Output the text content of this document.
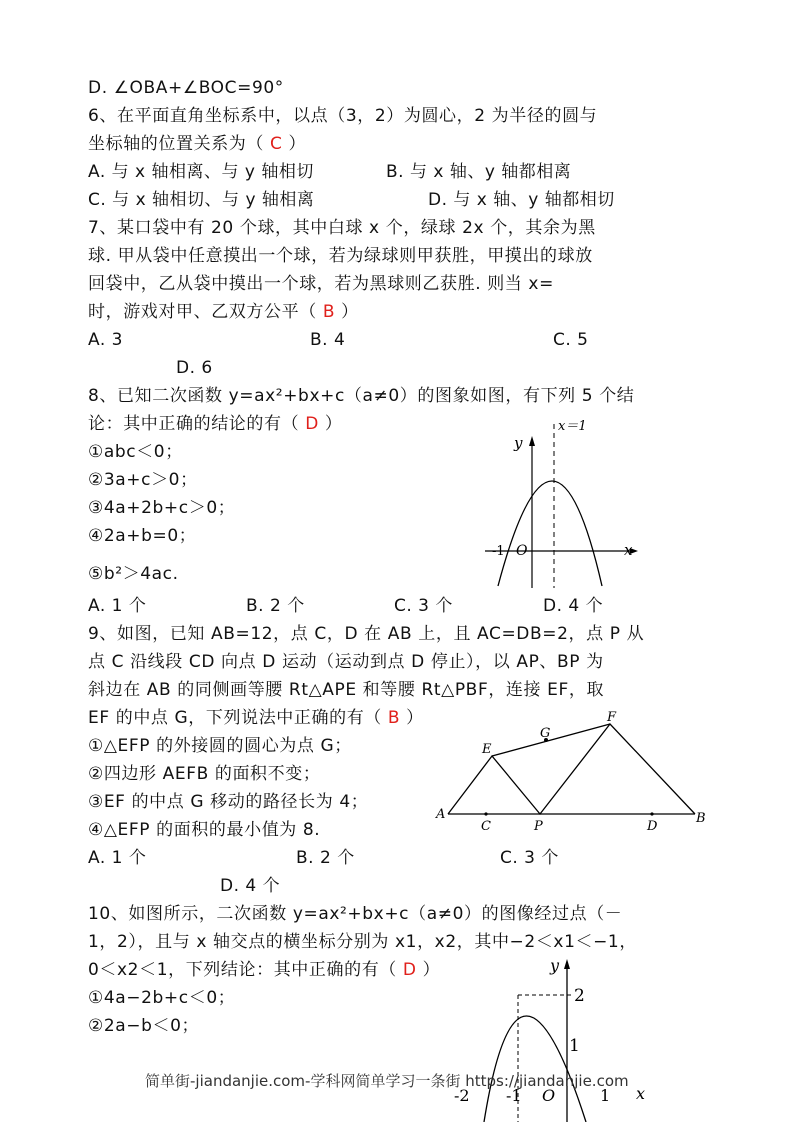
D. ∠OBA+∠BOC=90°
6、在平面直角坐标系中，以点（3，2）为圆心，2 为半径的圆与
坐标轴的位置关系为（ C ）
A. 与 x 轴相离、与 y 轴相切	B. 与 x 轴、y 轴都相离
C. 与 x 轴相切、与 y 轴相离	D. 与 x 轴、y 轴都相切
7、某口袋中有 20 个球，其中白球 x 个，绿球 2x 个，其余为黑
球. 甲从袋中任意摸出一个球，若为绿球则甲获胜，甲摸出的球放
回袋中，乙从袋中摸出一个球，若为黑球则乙获胜. 则当 x=
时，游戏对甲、乙双方公平（ B ）
A. 3	B. 4	C. 5
D. 6
8、已知二次函数 y=ax²+bx+c（a≠0）的图象如图，有下列 5 个结
论：其中正确的结论的有（ D ）
①abc＜0；
②3a+c＞0；
③4a+2b+c＞0；
④2a+b=0；
⑤b²＞4ac.
A. 1 个	B. 2 个	C. 3 个	D. 4 个
9、如图，已知 AB=12，点 C，D 在 AB 上，且 AC=DB=2，点 P 从
点 C 沿线段 CD 向点 D 运动（运动到点 D 停止），以 AP、BP 为
斜边在 AB 的同侧画等腰 Rt△APE 和等腰 Rt△PBF，连接 EF，取
EF 的中点 G，下列说法中正确的有（ B ）
①△EFP 的外接圆的圆心为点 G；
②四边形 AEFB 的面积不变；
③EF 的中点 G 移动的路径长为 4；
④△EFP 的面积的最小值为 8.
A. 1 个	B. 2 个	C. 3 个
D. 4 个
10、如图所示，二次函数 y=ax²+bx+c（a≠0）的图像经过点（－
1，2），且与 x 轴交点的横坐标分别为 x1，x2，其中−2＜x1＜−1，
0＜x2＜1，下列结论：其中正确的有（ D ）
①4a−2b+c＜0；
②2a−b＜0；
x＝1
y
x
O
-1
E
G
F
A
C	P	D
B
y
2
1
-2 -1 O	1 x
简单街-jiandanjie.com-学科网简单学习一条街 https://jiandanjie.com
